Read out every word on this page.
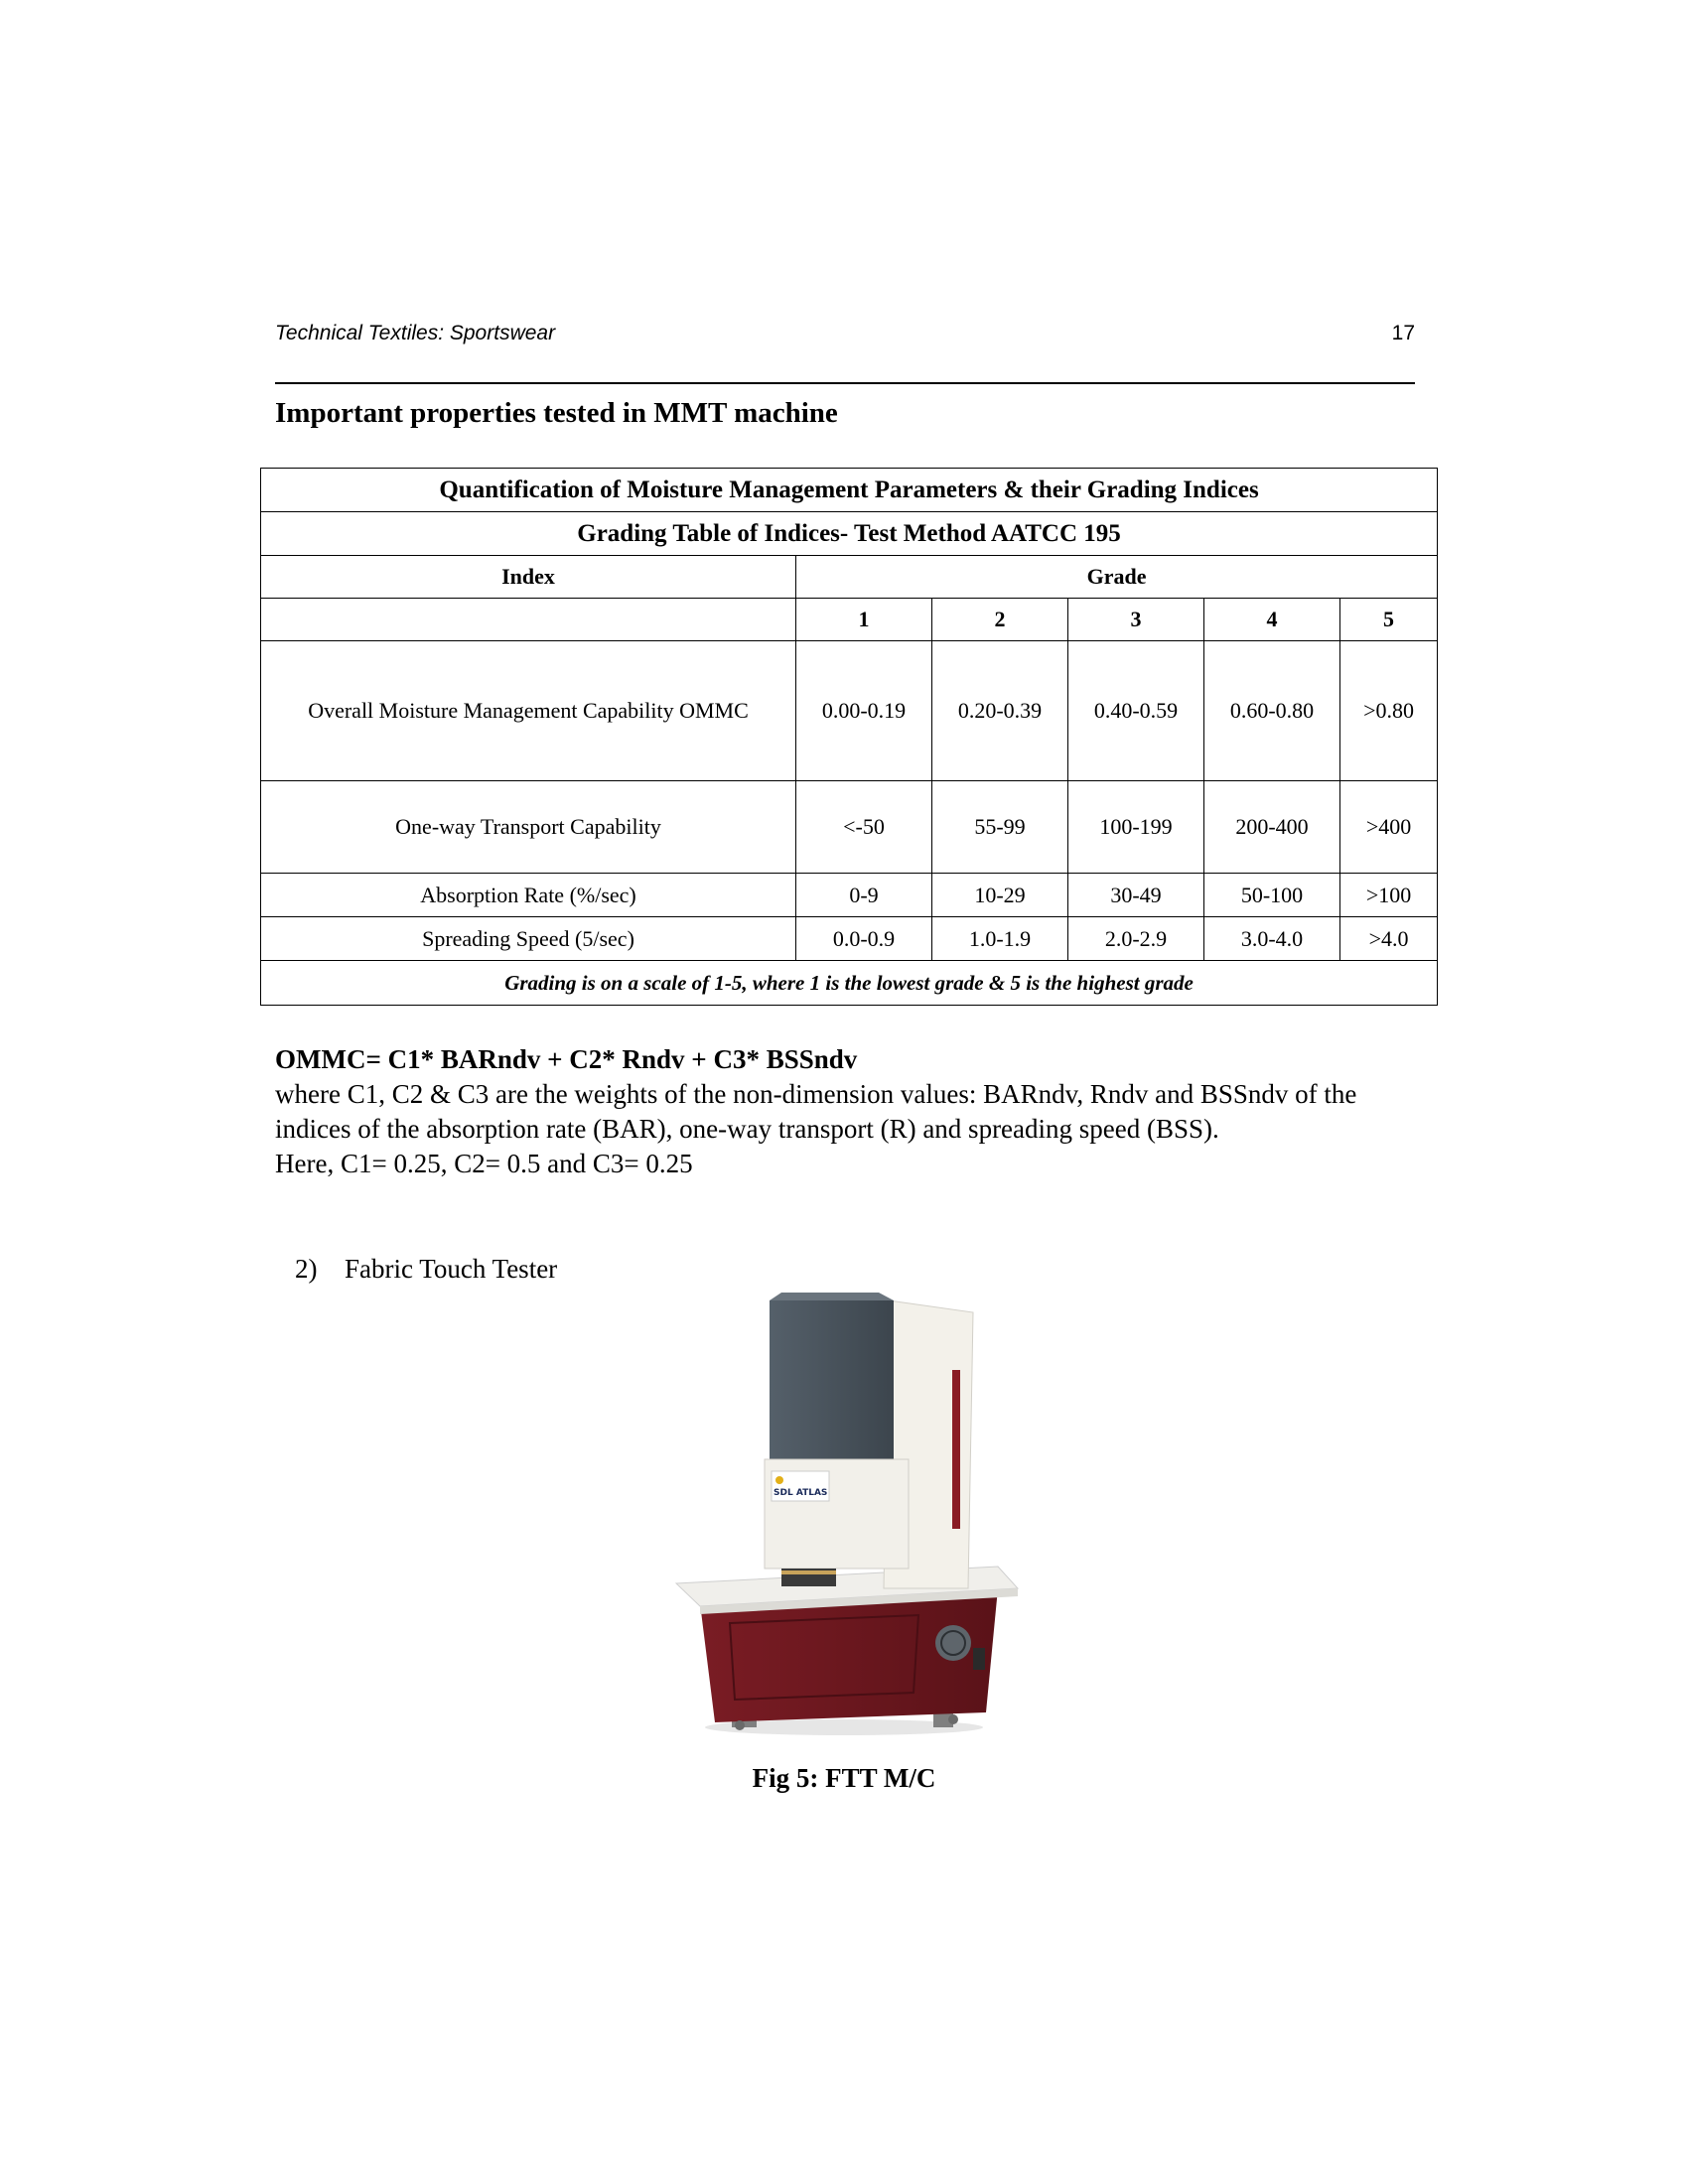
Technical Textiles: Sportswear	17
Important properties tested in MMT machine
Quantification of Moisture Management Parameters & their Grading Indices					
Grading Table of Indices- Test Method AATCC 195					
Index	Grade				
	1	2	3	4	5
Overall Moisture Management Capability OMMC	0.00-0.19	0.20-0.39	0.40-0.59	0.60-0.80	>0.80
One-way Transport Capability	<-50	55-99	100-199	200-400	>400
Absorption Rate (%/sec)	0-9	10-29	30-49	50-100	>100
Spreading Speed (5/sec)	0.0-0.9	1.0-1.9	2.0-2.9	3.0-4.0	>4.0
Grading is on a scale of 1-5, where 1 is the lowest grade & 5 is the highest grade					

OMMC= C1* BARndv + C2* Rndv + C3* BSSndv

where C1, C2 & C3 are the weights of the non-dimension values: BARndv, Rndv and BSSndv of the indices of the absorption rate (BAR), one-way transport (R) and spreading speed (BSS).

Here, C1= 0.25, C2= 0.5 and C3= 0.25

2) Fabric Touch Tester
SDL ATLAS
Fig 5: FTT M/C
